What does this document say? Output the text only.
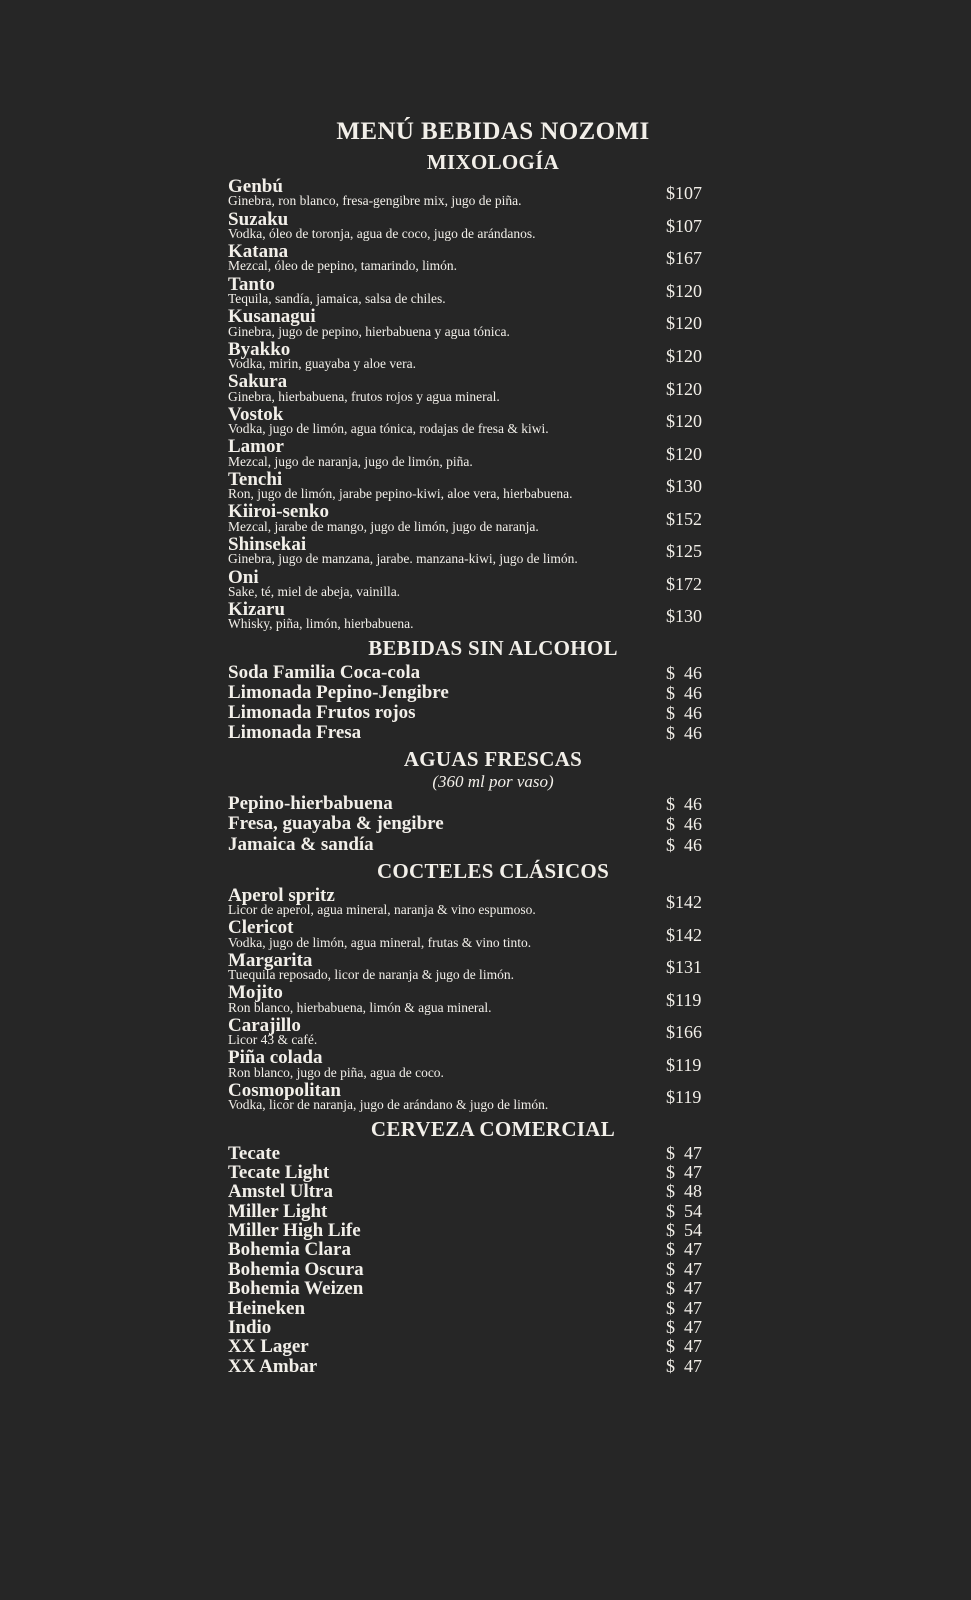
MENÚ BEBIDAS NOZOMI
MIXOLOGÍA
Genbú
Ginebra, ron blanco, fresa-gengibre mix, jugo de piña.	$107
Suzaku
Vodka, óleo de toronja, agua de coco, jugo de arándanos.	$107
Katana
Mezcal, óleo de pepino, tamarindo, limón.	$167
Tanto
Tequila, sandía, jamaica, salsa de chiles.	$120
Kusanagui
Ginebra, jugo de pepino, hierbabuena y agua tónica.	$120
Byakko
Vodka, mirin, guayaba y aloe vera.	$120
Sakura
Ginebra, hierbabuena, frutos rojos y agua mineral.	$120
Vostok
Vodka, jugo de limón, agua tónica, rodajas de fresa & kiwi.	$120
Lamor
Mezcal, jugo de naranja, jugo de limón, piña.	$120
Tenchi
Ron, jugo de limón, jarabe pepino-kiwi, aloe vera, hierbabuena.	$130
Kiiroi-senko
Mezcal, jarabe de mango, jugo de limón, jugo de naranja.	$152
Shinsekai
Ginebra, jugo de manzana, jarabe. manzana-kiwi, jugo de limón.	$125
Oni
Sake, té, miel de abeja, vainilla.	$172
Kizaru
Whisky, piña, limón, hierbabuena.	$130
BEBIDAS SIN ALCOHOL
Soda Familia Coca-cola	$  46
Limonada Pepino-Jengibre	$  46
Limonada Frutos rojos	$  46
Limonada Fresa	$  46
AGUAS FRESCAS
(360 ml por vaso)
Pepino-hierbabuena	$  46
Fresa, guayaba & jengibre	$  46
Jamaica & sandía	$  46
COCTELES CLÁSICOS
Aperol spritz
Licor de aperol, agua mineral, naranja & vino espumoso.	$142
Clericot
Vodka, jugo de limón, agua mineral, frutas & vino tinto.	$142
Margarita
Tuequila reposado, licor de naranja & jugo de limón.	$131
Mojito
Ron blanco, hierbabuena, limón & agua mineral.	$119
Carajillo
Licor 43 & café.	$166
Piña colada
Ron blanco, jugo de piña, agua de coco.	$119
Cosmopolitan
Vodka, licor de naranja, jugo de arándano & jugo de limón.	$119
CERVEZA COMERCIAL
Tecate	$  47
Tecate Light	$  47
Amstel Ultra	$  48
Miller Light	$  54
Miller High Life	$  54
Bohemia Clara	$  47
Bohemia Oscura	$  47
Bohemia Weizen	$  47
Heineken	$  47
Indio	$  47
XX Lager	$  47
XX Ambar	$  47
